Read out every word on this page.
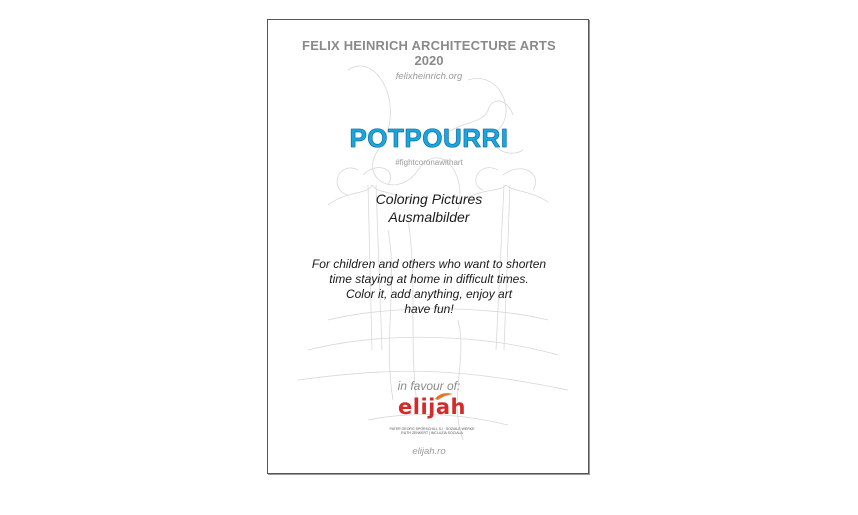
FELIX HEINRICH ARCHITECTURE ARTS
2020
felixheinrich.org
POTPOURRI
#fightcoronawithart
Coloring Pictures
Ausmalbilder
For children and others who want to shorten
time staying at home in difficult times.
Color it, add anything, enjoy art
have fun!
in favour of:
elijah
PATER GEORG SPORSCHILL SJ · SOZIALE WERKE
RUTH ZENKERT | INCLUZIA SOCIALA
elijah.ro
